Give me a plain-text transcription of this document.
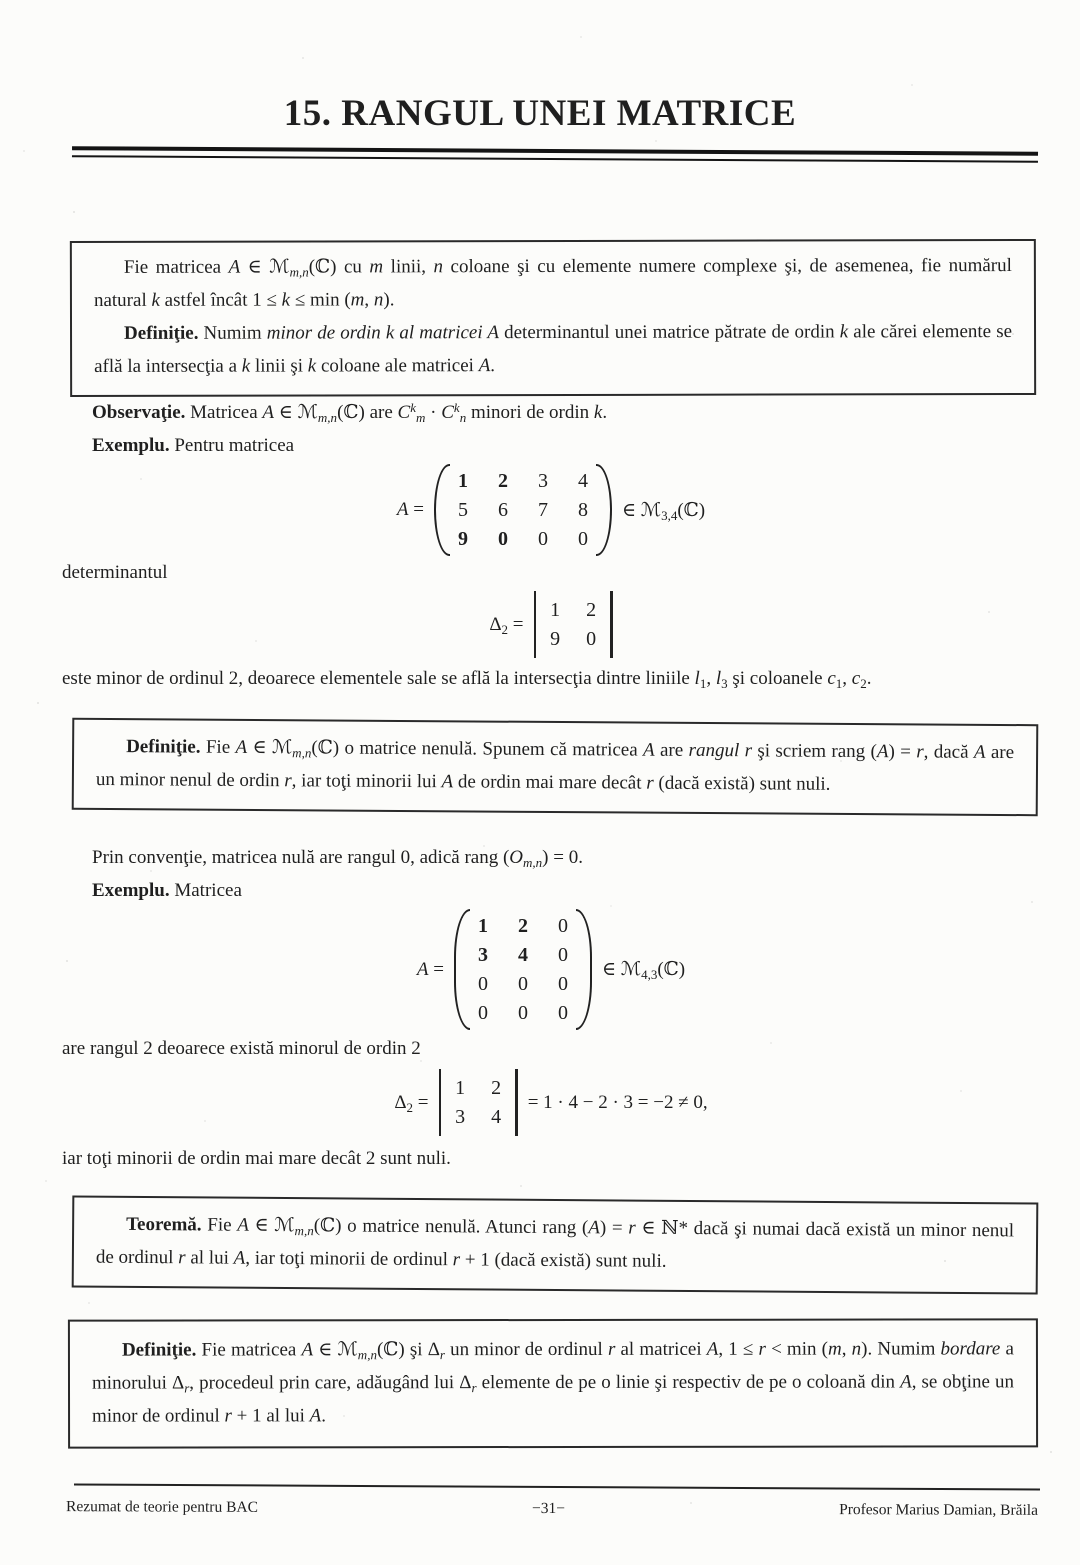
15. RANGUL UNEI MATRICE

Fie matricea A ∈ ℳ$_{m,n}$(ℂ) cu m linii, n coloane şi cu elemente numere complexe şi, de asemenea, fie numărul natural k astfel încât 1 ≤ k ≤ min (m, n).

Definiţie. Numim minor de ordin k al matricei A determinantul unei matrice pătrate de ordin k ale cărei elemente se află la intersecţia a k linii şi k coloane ale matricei A.

Observaţie. Matricea A ∈ ℳ$_{m,n}$(ℂ) are $C^k_m \cdot C^k_n$ minori de ordin k.

Exemplu. Pentru matricea

A =
1 2 3 4
5 6 7 8
9 0 0 0
∈ ℳ$_{3,4}$(ℂ)

determinantul

$\Delta_2$ =
1 2
9 0

este minor de ordinul 2, deoarece elementele sale se află la intersecţia dintre liniile $l_1$, $l_3$ şi coloanele $c_1$, $c_2$.

Definiţie. Fie A ∈ ℳ$_{m,n}$(ℂ) o matrice nenulă. Spunem că matricea A are rangul r şi scriem rang (A) = r, dacă A are un minor nenul de ordin r, iar toţi minorii lui A de ordin mai mare decât r (dacă există) sunt nuli.

Prin convenţie, matricea nulă are rangul 0, adică rang $(O_{m,n}) = 0$.

Exemplu. Matricea

A =
1 2 0
3 4 0
0 0 0
0 0 0
∈ ℳ$_{4,3}$(ℂ)

are rangul 2 deoarece există minorul de ordin 2

$\Delta_2$ =
1 2
3 4
= 1 · 4 − 2 · 3 = −2 ≠ 0,

iar toţi minorii de ordin mai mare decât 2 sunt nuli.

Teoremă. Fie A ∈ ℳ$_{m,n}$(ℂ) o matrice nenulă. Atunci rang (A) = r ∈ ℕ* dacă şi numai dacă există un minor nenul de ordinul r al lui A, iar toţi minorii de ordinul r + 1 (dacă există) sunt nuli.

Definiţie. Fie matricea A ∈ ℳ$_{m,n}$(ℂ) şi $\Delta_r$ un minor de ordinul r al matricei A, 1 ≤ r < min (m, n). Numim bordare a minorului $\Delta_r$, procedeul prin care, adăugând lui $\Delta_r$ elemente de pe o linie şi respectiv de pe o coloană din A, se obţine un minor de ordinul r + 1 al lui A.

Rezumat de teorie pentru BAC	−31−	Profesor Marius Damian, Brăila
